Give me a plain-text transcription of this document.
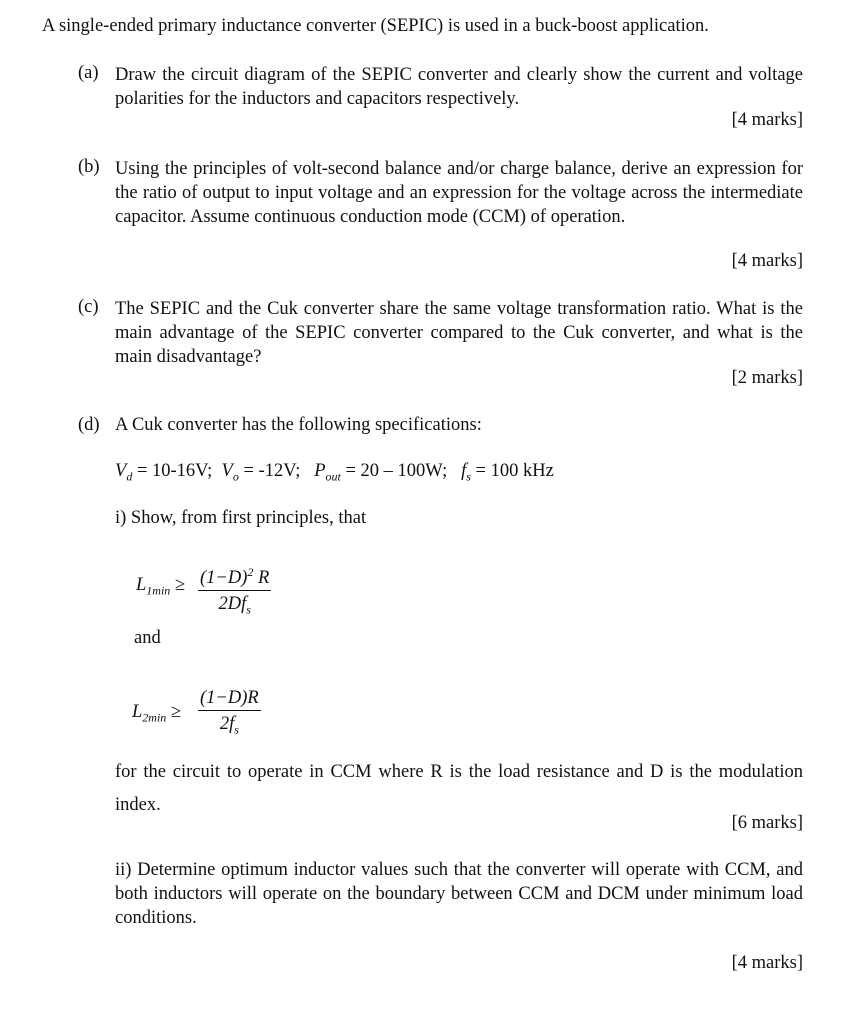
A single-ended primary inductance converter (SEPIC) is used in a buck-boost application.
(a) Draw the circuit diagram of the SEPIC converter and clearly show the current and voltage polarities for the inductors and capacitors respectively.
[4 marks]
(b) Using the principles of volt-second balance and/or charge balance, derive an expression for the ratio of output to input voltage and an expression for the voltage across the intermediate capacitor. Assume continuous conduction mode (CCM) of operation.
[4 marks]
(c) The SEPIC and the Cuk converter share the same voltage transformation ratio. What is the main advantage of the SEPIC converter compared to the Cuk converter, and what is the main disadvantage?
[2 marks]
(d) A Cuk converter has the following specifications:
$V_d = 10-16V$; $V_o = -12V$; $P_{out} = 20 - 100W$; $f_s = 100$ kHz
i) Show, from first principles, that
$L_{1min} \ge (1-D)^2$ R
$2Df_s$
and
$L_{2min} \ge \frac{(1-D)R}{2f_s}$
for the circuit to operate in CCM where R is the load resistance and D is the modulation index.
[6 marks]
ii) Determine optimum inductor values such that the converter will operate with CCM, and both inductors will operate on the boundary between CCM and DCM under minimum load conditions.
[4 marks]
